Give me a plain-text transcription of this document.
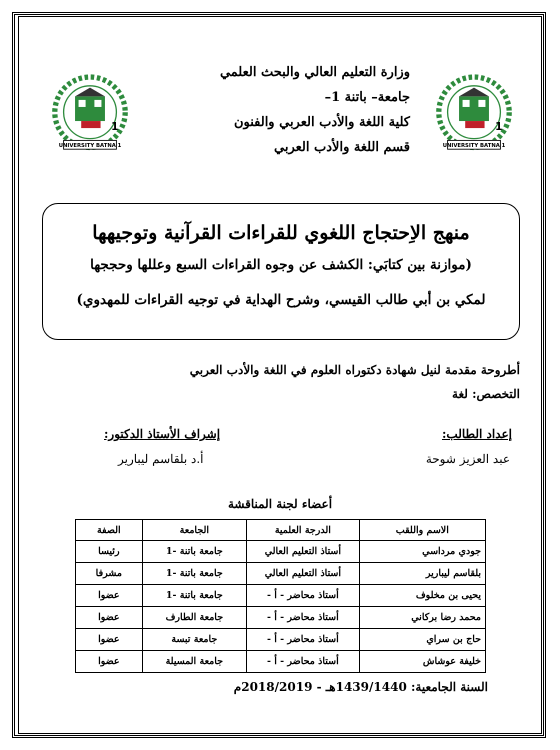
UNIVERSITY BATNA 1
1
UNIVERSITY BATNA 1
1
وزارة التعليم العالي والبحث العلمي
جامعة– باتنة 1–
كلية اللغة والأدب العربي والفنون
قسم اللغة والأدب العربي
منهج الاِحتجاج اللغوي للقراءات القرآنية وتوجيهها
(موازنة بين كتابَي: الكشف عن وجوه القراءات السبع وعللها وحججها
لمكي بن أبي طالب القيسي، وشرح الهداية في توجيه القراءات للمهدوي)
أطروحة مقدمة لنيل شهادة دكتوراه العلوم في اللغة والأدب العربي
التخصص: لغة
إعداد الطالب:
إشراف الأستاذ الدكتور:
عبد العزيز شوحة
أ.د بلقاسم ليبارير
أعضاء لجنة المناقشة
الاسم واللقب	الدرجة العلمية	الجامعة	الصفة
جودي مرداسي	أستاذ التعليم العالي	جامعة باتنة -1	رئيسا
بلقاسم ليبارير	أستاذ التعليم العالي	جامعة باتنة -1	مشرفا
يحيى بن مخلوف	أستاذ محاضر - أ -	جامعة باتنة -1	عضوا
محمد رضا بركاني	أستاذ محاضر - أ -	جامعة الطارف	عضوا
حاج بن سراي	أستاذ محاضر - أ -	جامعة تبسة	عضوا
خليفة عوشاش	أستاذ محاضر - أ -	جامعة المسيلة	عضوا
السنة الجامعية: 1439/1440هـ - 2018/2019م
